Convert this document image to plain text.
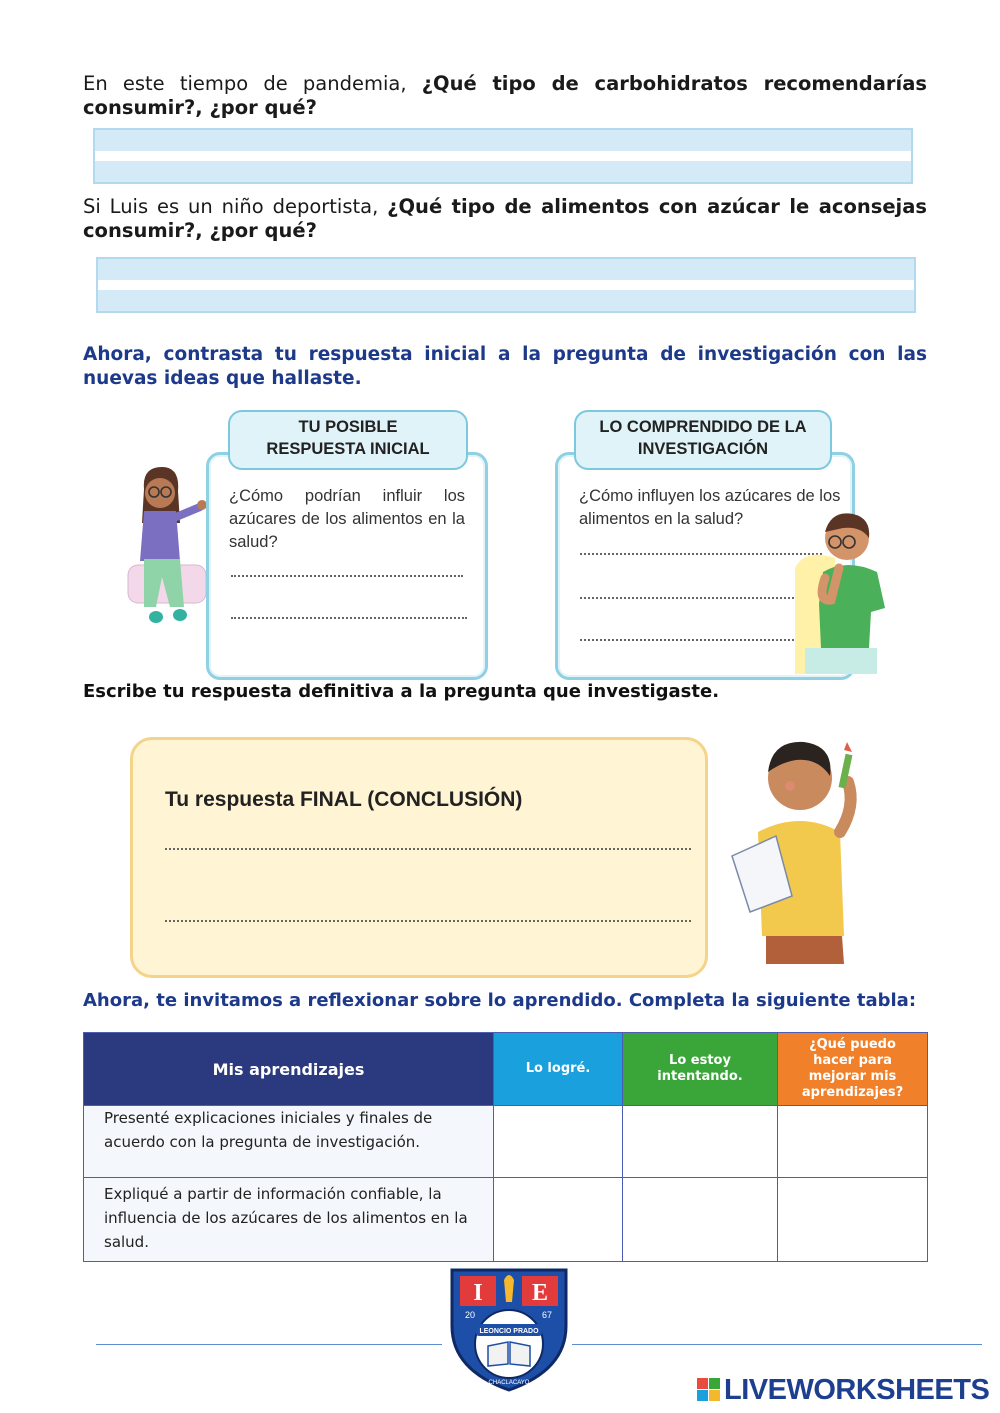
En este tiempo de pandemia, ¿Qué tipo de carbohidratos recomendarías consumir?, ¿por qué?
Si Luis es un niño deportista, ¿Qué tipo de alimentos con azúcar le aconsejas consumir?, ¿por qué?
Ahora, contrasta tu respuesta inicial a la pregunta de investigación con las nuevas ideas que hallaste.
¿Cómo podrían influir los azúcares de los alimentos en la salud?
TU POSIBLE
RESPUESTA INICIAL
¿Cómo influyen los azúcares de los alimentos en la salud?
LO COMPRENDIDO DE LA
INVESTIGACIÓN
Escribe tu respuesta definitiva a la pregunta que investigaste.
Tu respuesta FINAL (CONCLUSIÓN)
Ahora, te invitamos a reflexionar sobre lo aprendido. Completa la siguiente tabla:
Mis aprendizajes	Lo logré.	Lo estoy intentando.	¿Qué puedo hacer para mejorar mis aprendizajes?
Presenté explicaciones iniciales y finales de acuerdo con la pregunta de investigación.			
Expliqué a partir de información confiable, la influencia de los azúcares de los alimentos en la salud.			
I E
20	67
LEONCIO PRADO
CHACLACAYO	LIVEWORKSHEETS
